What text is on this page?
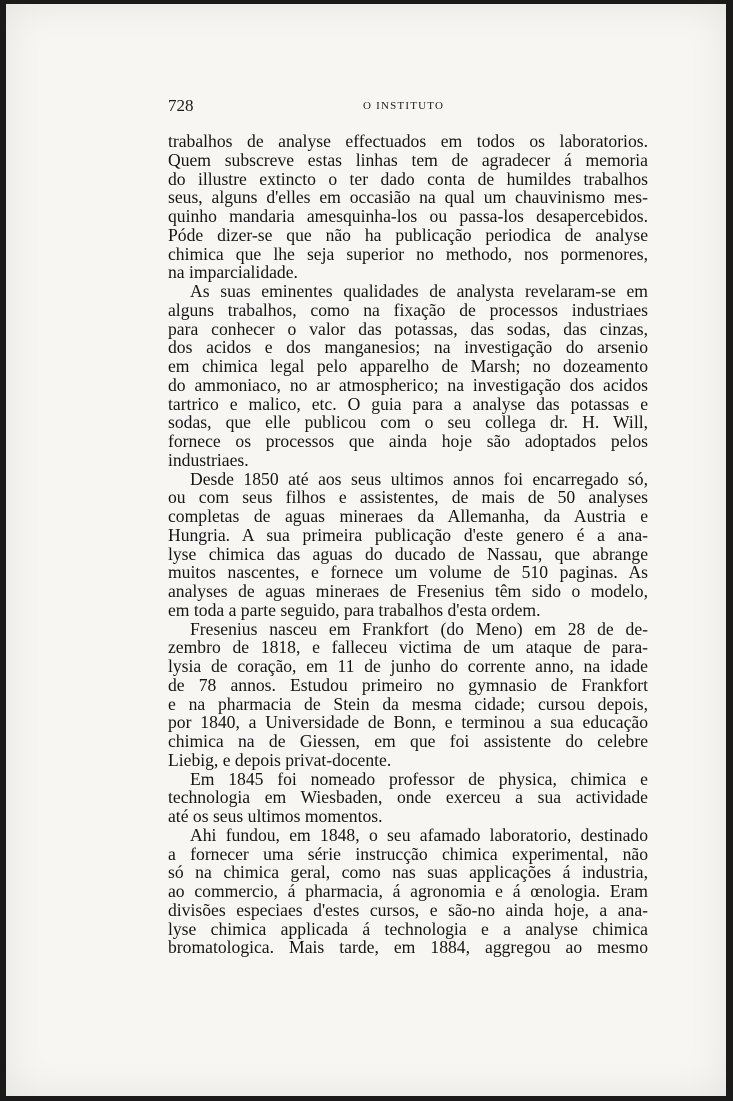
728	O INSTITUTO
trabalhos de analyse effectuados em todos os laboratorios.
Quem subscreve estas linhas tem de agradecer á memoria
do illustre extincto o ter dado conta de humildes trabalhos
seus, alguns d'elles em occasião na qual um chauvinismo mes-
quinho mandaria amesquinha-los ou passa-los desapercebidos.
Póde dizer-se que não ha publicação periodica de analyse
chimica que lhe seja superior no methodo, nos pormenores,
na imparcialidade.
As suas eminentes qualidades de analysta revelaram-se em
alguns trabalhos, como na fixação de processos industriaes
para conhecer o valor das potassas, das sodas, das cinzas,
dos acidos e dos manganesios; na investigação do arsenio
em chimica legal pelo apparelho de Marsh; no dozeamento
do ammoniaco, no ar atmospherico; na investigação dos acidos
tartrico e malico, etc. O guia para a analyse das potassas e
sodas, que elle publicou com o seu collega dr. H. Will,
fornece os processos que ainda hoje são adoptados pelos
industriaes.
Desde 1850 até aos seus ultimos annos foi encarregado só,
ou com seus filhos e assistentes, de mais de 50 analyses
completas de aguas mineraes da Allemanha, da Austria e
Hungria. A sua primeira publicação d'este genero é a ana-
lyse chimica das aguas do ducado de Nassau, que abrange
muitos nascentes, e fornece um volume de 510 paginas. As
analyses de aguas mineraes de Fresenius têm sido o modelo,
em toda a parte seguido, para trabalhos d'esta ordem.
Fresenius nasceu em Frankfort (do Meno) em 28 de de-
zembro de 1818, e falleceu victima de um ataque de para-
lysia de coração, em 11 de junho do corrente anno, na idade
de 78 annos. Estudou primeiro no gymnasio de Frankfort
e na pharmacia de Stein da mesma cidade; cursou depois,
por 1840, a Universidade de Bonn, e terminou a sua educação
chimica na de Giessen, em que foi assistente do celebre
Liebig, e depois privat-docente.
Em 1845 foi nomeado professor de physica, chimica e
technologia em Wiesbaden, onde exerceu a sua actividade
até os seus ultimos momentos.
Ahi fundou, em 1848, o seu afamado laboratorio, destinado
a fornecer uma série instrucção chimica experimental, não
só na chimica geral, como nas suas applicações á industria,
ao commercio, á pharmacia, á agronomia e á œnologia. Eram
divisões especiaes d'estes cursos, e são-no ainda hoje, a ana-
lyse chimica applicada á technologia e a analyse chimica
bromatologica. Mais tarde, em 1884, aggregou ao mesmo
